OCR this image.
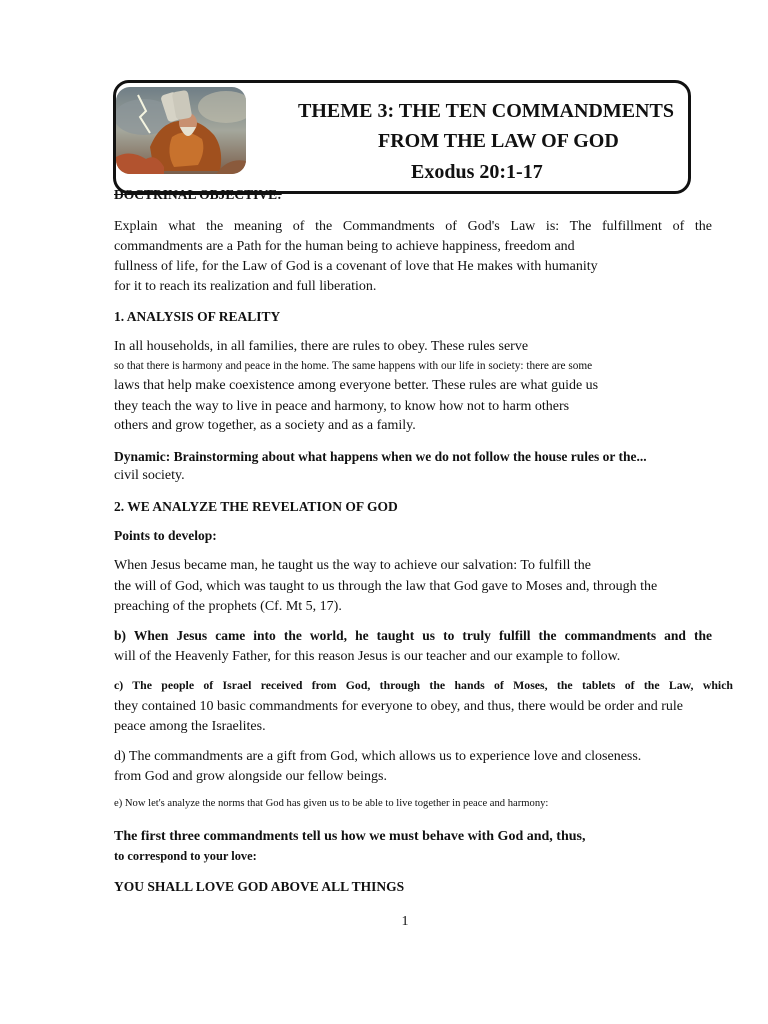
THEME 3: THE TEN COMMANDMENTS
FROM THE LAW OF GOD
Exodus 20:1-17
DOCTRINAL OBJECTIVE:
Explain what the meaning of the Commandments of God's Law is: The fulfillment of the
commandments are a Path for the human being to achieve happiness, freedom and
fullness of life, for the Law of God is a covenant of love that He makes with humanity
for it to reach its realization and full liberation.
1. ANALYSIS OF REALITY
In all households, in all families, there are rules to obey. These rules serve
so that there is harmony and peace in the home. The same happens with our life in society: there are some
laws that help make coexistence among everyone better. These rules are what guide us
they teach the way to live in peace and harmony, to know how not to harm others
others and grow together, as a society and as a family.
Dynamic: Brainstorming about what happens when we do not follow the house rules or the...
civil society.
2. WE ANALYZE THE REVELATION OF GOD
Points to develop:
When Jesus became man, he taught us the way to achieve our salvation: To fulfill the
the will of God, which was taught to us through the law that God gave to Moses and, through the
preaching of the prophets (Cf. Mt 5, 17).
b) When Jesus came into the world, he taught us to truly fulfill the commandments and the
will of the Heavenly Father, for this reason Jesus is our teacher and our example to follow.
c) The people of Israel received from God, through the hands of Moses, the tablets of the Law, which
they contained 10 basic commandments for everyone to obey, and thus, there would be order and rule
peace among the Israelites.
d) The commandments are a gift from God, which allows us to experience love and closeness.
from God and grow alongside our fellow beings.
e) Now let's analyze the norms that God has given us to be able to live together in peace and harmony:
The first three commandments tell us how we must behave with God and, thus,
to correspond to your love:
YOU SHALL LOVE GOD ABOVE ALL THINGS
1
